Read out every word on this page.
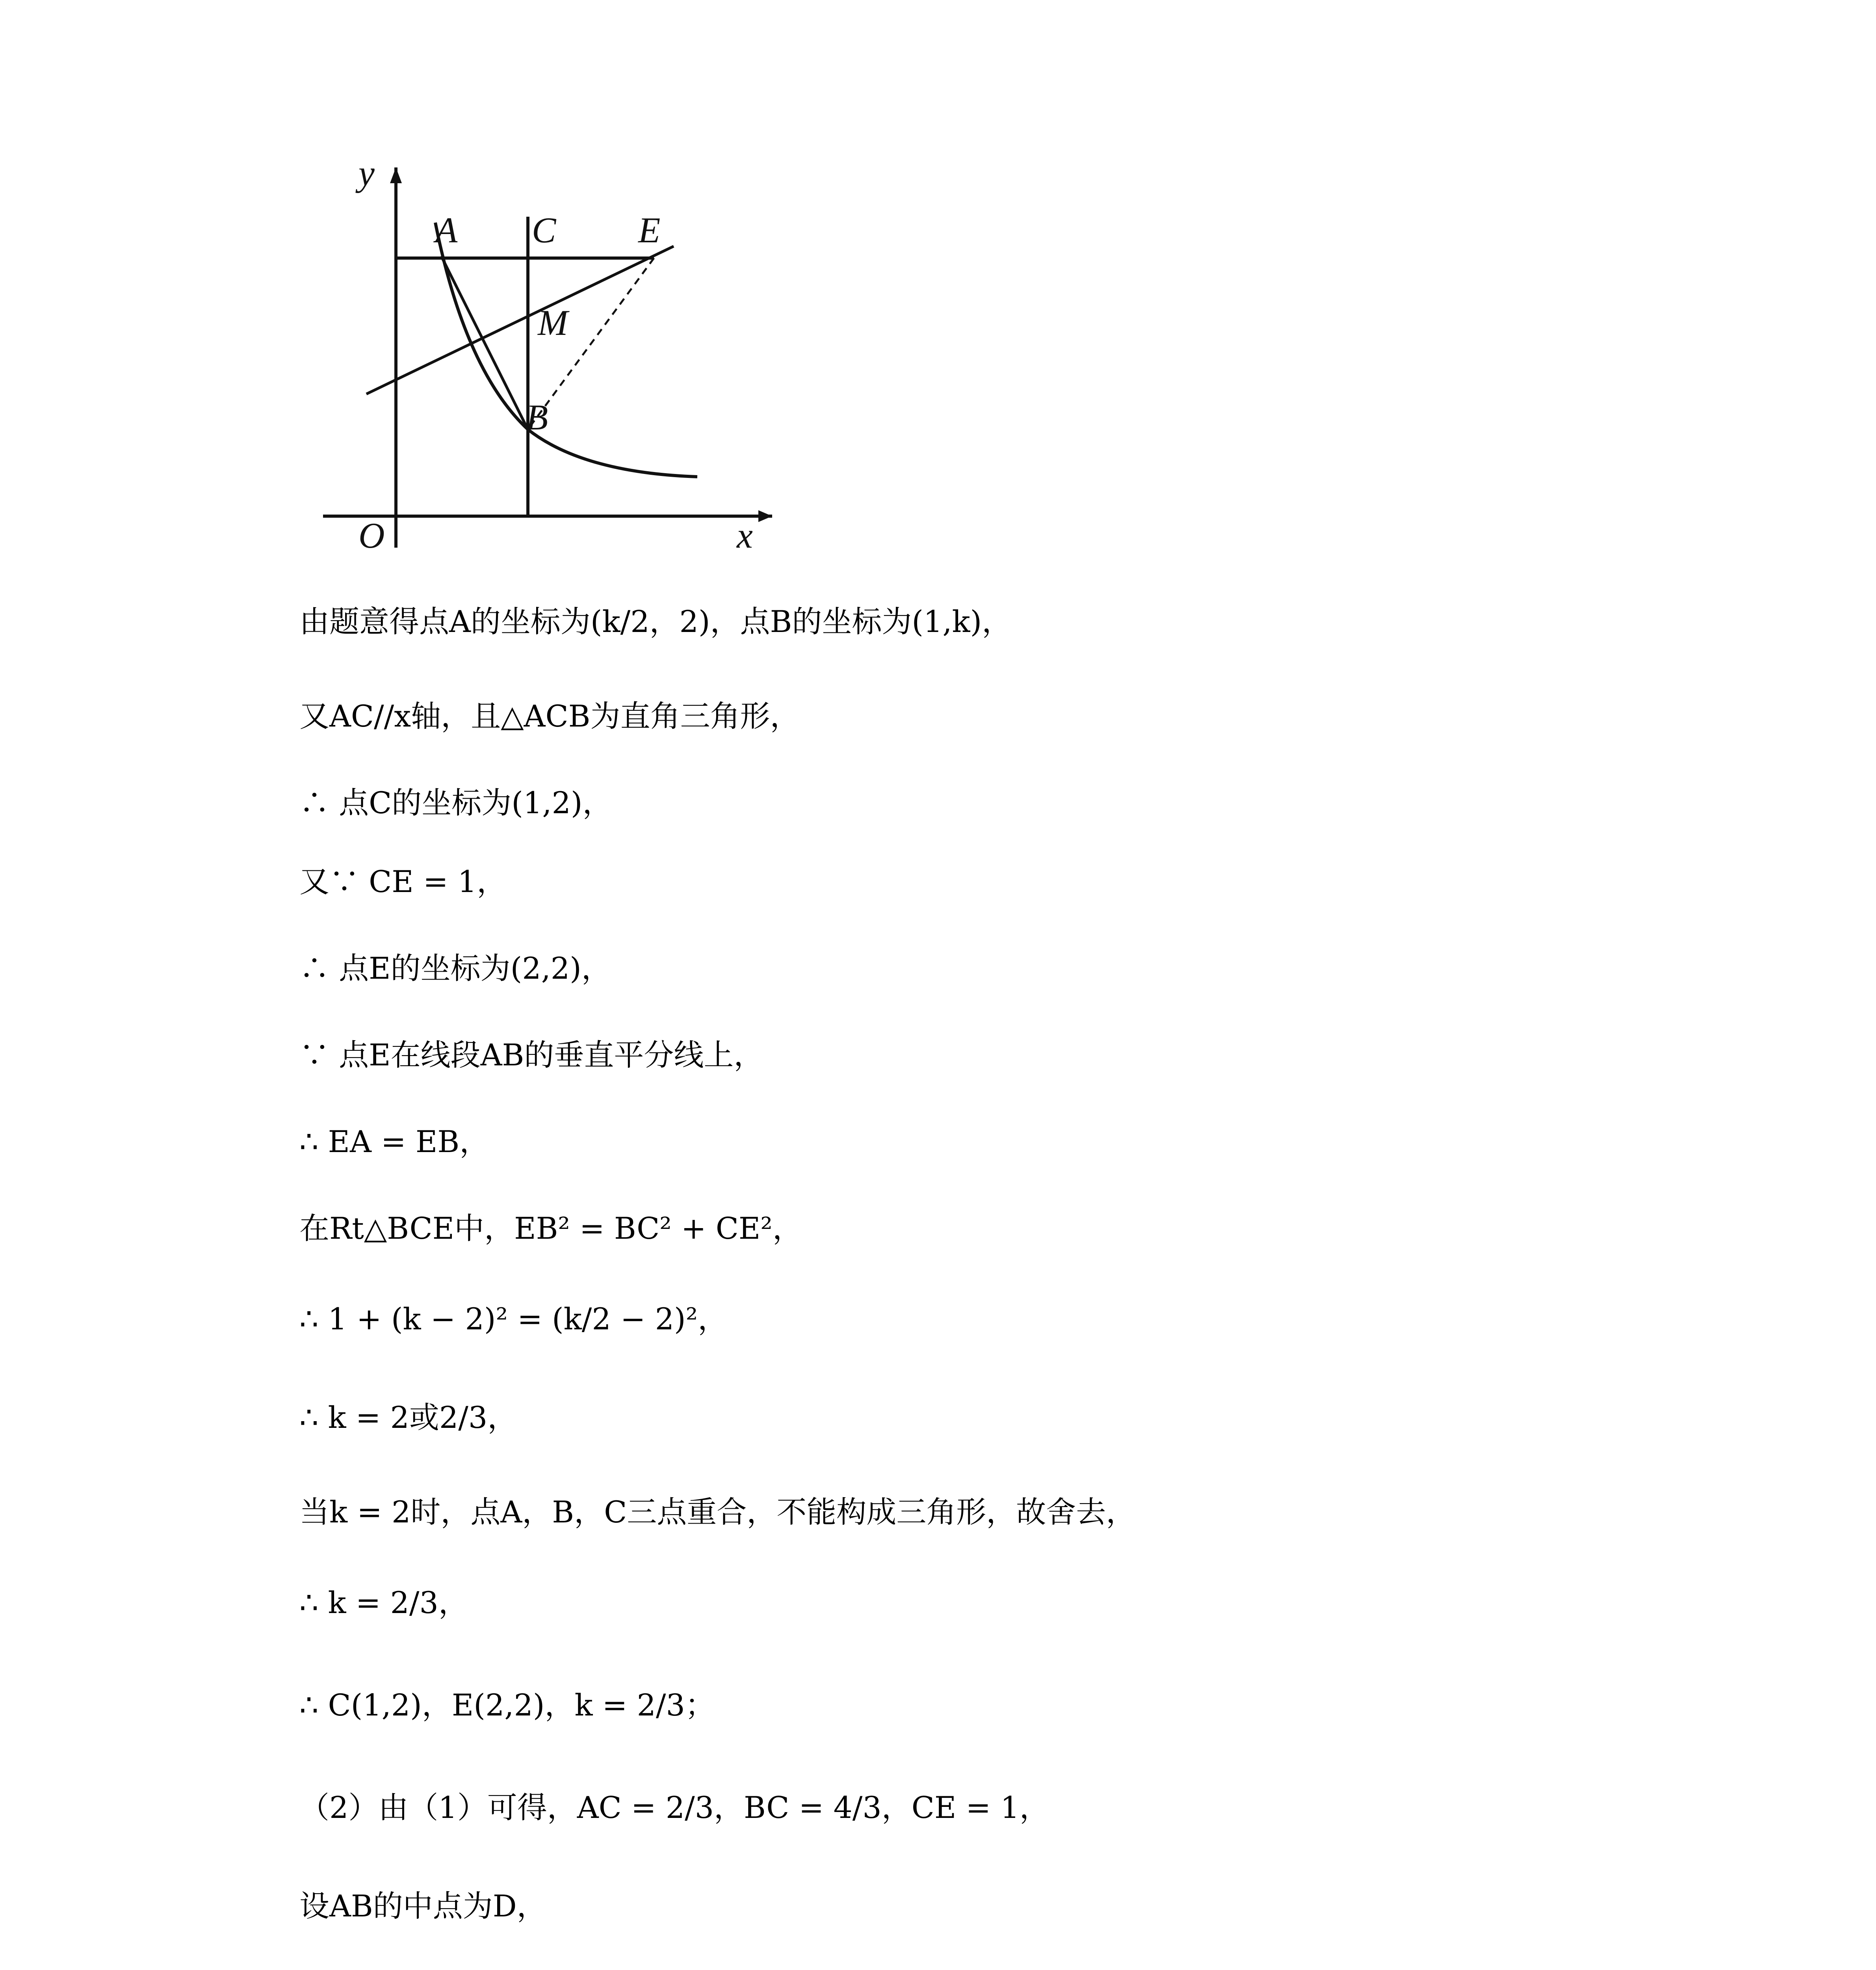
y
x
O
A C E
M
B
由题意得点A的坐标为(k/2，2)，点B的坐标为(1,k)，
又AC//x轴，且△ACB为直角三角形，
∴ 点C的坐标为(1,2)，
又∵ CE = 1，
∴ 点E的坐标为(2,2)，
∵ 点E在线段AB的垂直平分线上，
∴ EA = EB，
在Rt△BCE中，EB² = BC² + CE²，
∴ 1 + (k − 2)² = (k/2 − 2)²，
∴ k = 2或2/3，
当k = 2时，点A，B，C三点重合，不能构成三角形，故舍去，
∴ k = 2/3，
∴ C(1,2)，E(2,2)，k = 2/3；
（2）由（1）可得，AC = 2/3，BC = 4/3，CE = 1，
设AB的中点为D，
